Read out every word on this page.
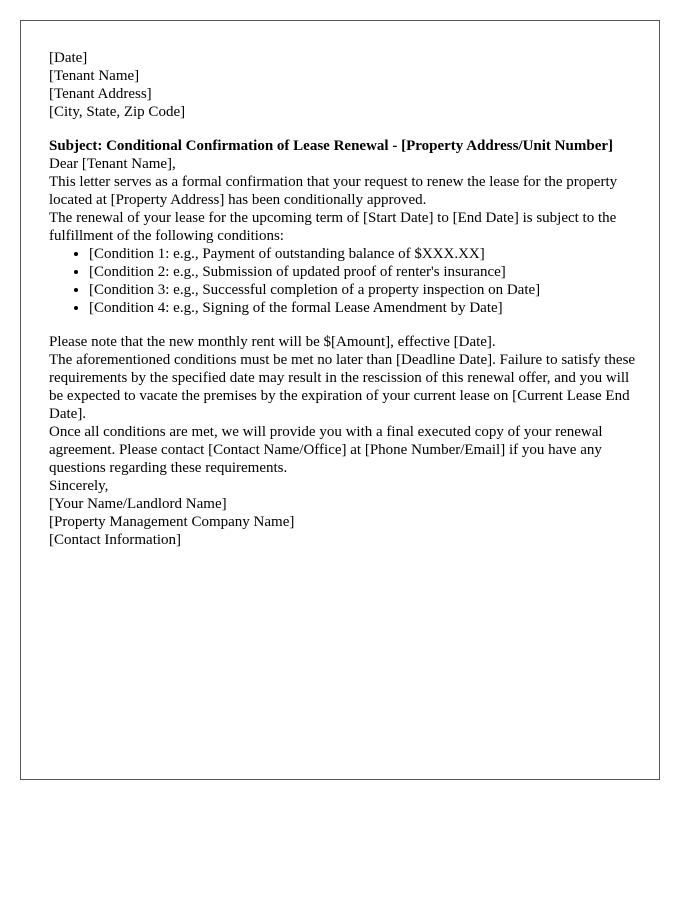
[Date]

[Tenant Name]
[Tenant Address]
[City, State, Zip Code]

Subject: Conditional Confirmation of Lease Renewal - [Property Address/Unit Number]

Dear [Tenant Name],

This letter serves as a formal confirmation that your request to renew the lease for the property located at [Property Address] has been conditionally approved.

The renewal of your lease for the upcoming term of [Start Date] to [End Date] is subject to the fulfillment of the following conditions:

• [Condition 1: e.g., Payment of outstanding balance of $XXX.XX]
• [Condition 2: e.g., Submission of updated proof of renter's insurance]
• [Condition 3: e.g., Successful completion of a property inspection on Date]
• [Condition 4: e.g., Signing of the formal Lease Amendment by Date]

Please note that the new monthly rent will be $[Amount], effective [Date].

The aforementioned conditions must be met no later than [Deadline Date]. Failure to satisfy these requirements by the specified date may result in the rescission of this renewal offer, and you will be expected to vacate the premises by the expiration of your current lease on [Current Lease End Date].

Once all conditions are met, we will provide you with a final executed copy of your renewal agreement. Please contact [Contact Name/Office] at [Phone Number/Email] if you have any questions regarding these requirements.

Sincerely,

[Your Name/Landlord Name]
[Property Management Company Name]
[Contact Information]
